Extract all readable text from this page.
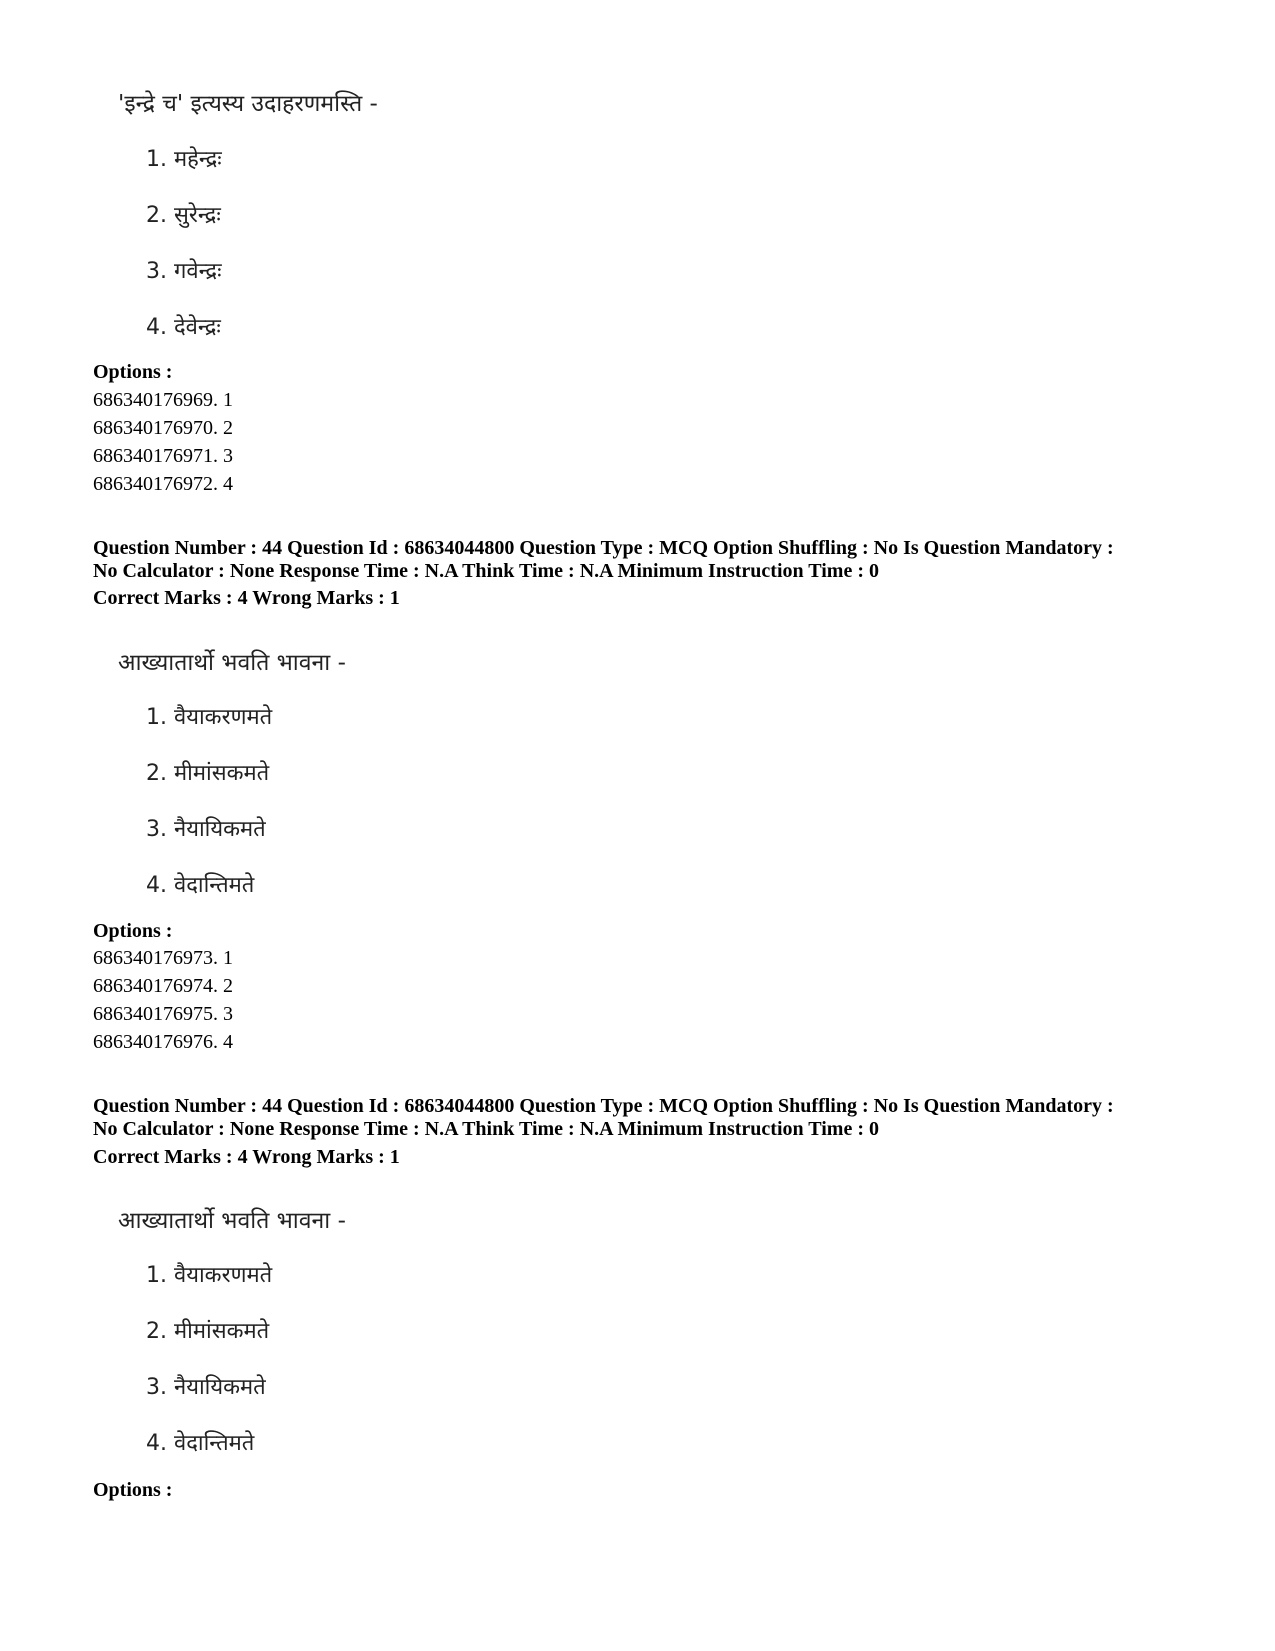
'इन्द्रे च' इत्यस्य उदाहरणमस्ति -
1. महेन्द्रः
2. सुरेन्द्रः
3. गवेन्द्रः
4. देवेन्द्रः
Options :
686340176969. 1
686340176970. 2
686340176971. 3
686340176972. 4
Question Number : 44 Question Id : 68634044800 Question Type : MCQ Option Shuffling : No Is Question Mandatory :
No Calculator : None Response Time : N.A Think Time : N.A Minimum Instruction Time : 0
Correct Marks : 4 Wrong Marks : 1
आख्यातार्थो भवति भावना -
1. वैयाकरणमते
2. मीमांसकमते
3. नैयायिकमते
4. वेदान्तिमते
Options :
686340176973. 1
686340176974. 2
686340176975. 3
686340176976. 4
Question Number : 44 Question Id : 68634044800 Question Type : MCQ Option Shuffling : No Is Question Mandatory :
No Calculator : None Response Time : N.A Think Time : N.A Minimum Instruction Time : 0
Correct Marks : 4 Wrong Marks : 1
आख्यातार्थो भवति भावना -
1. वैयाकरणमते
2. मीमांसकमते
3. नैयायिकमते
4. वेदान्तिमते
Options :
